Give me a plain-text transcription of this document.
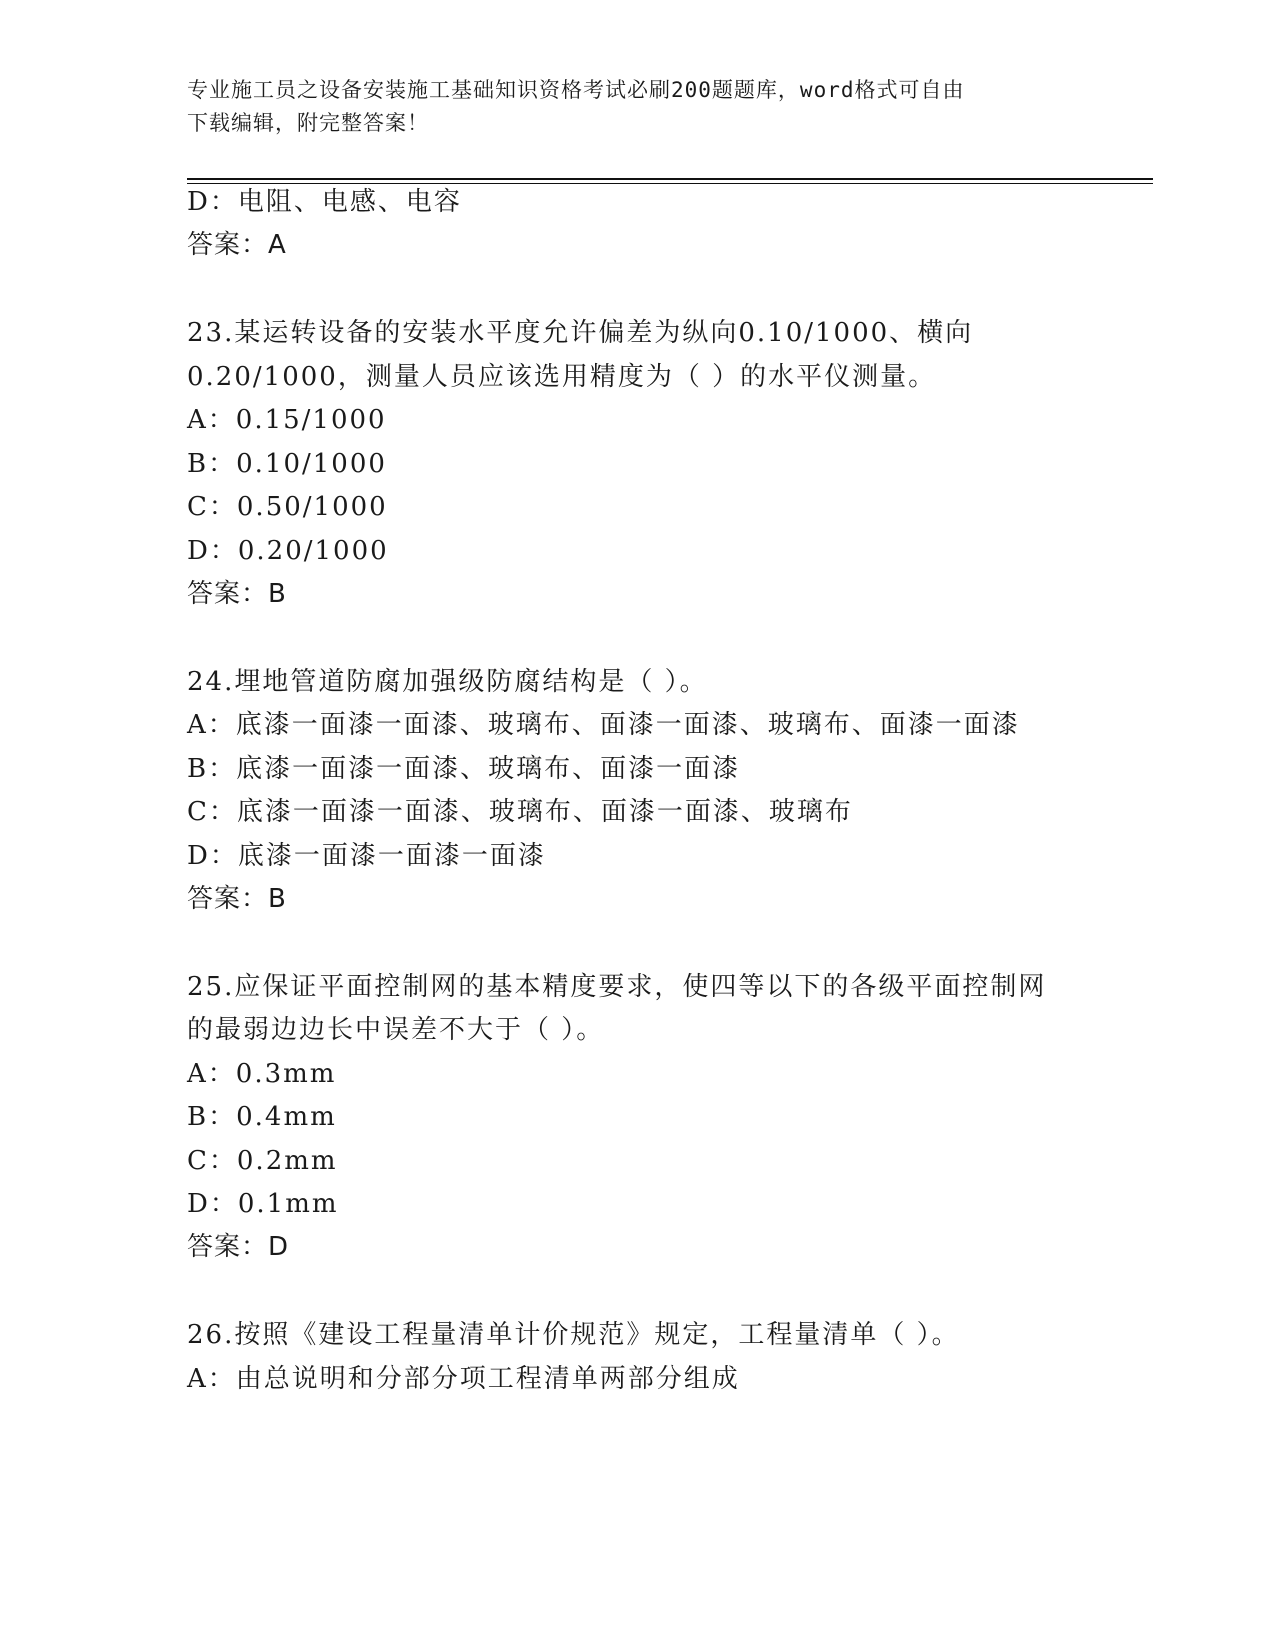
专业施工员之设备安装施工基础知识资格考试必刷200题题库，word格式可自由
下载编辑，附完整答案！
D：电阻、电感、电容
答案：A
23.某运转设备的安装水平度允许偏差为纵向0.10/1000、横向
0.20/1000，测量人员应该选用精度为（ ）的水平仪测量。
A：0.15/1000
B：0.10/1000
C：0.50/1000
D：0.20/1000
答案：B
24.埋地管道防腐加强级防腐结构是（ ）。
A：底漆一面漆一面漆、玻璃布、面漆一面漆、玻璃布、面漆一面漆
B：底漆一面漆一面漆、玻璃布、面漆一面漆
C：底漆一面漆一面漆、玻璃布、面漆一面漆、玻璃布
D：底漆一面漆一面漆一面漆
答案：B
25.应保证平面控制网的基本精度要求，使四等以下的各级平面控制网
的最弱边边长中误差不大于（ ）。
A：0.3mm
B：0.4mm
C：0.2mm
D：0.1mm
答案：D
26.按照《建设工程量清单计价规范》规定，工程量清单（ ）。
A：由总说明和分部分项工程清单两部分组成
